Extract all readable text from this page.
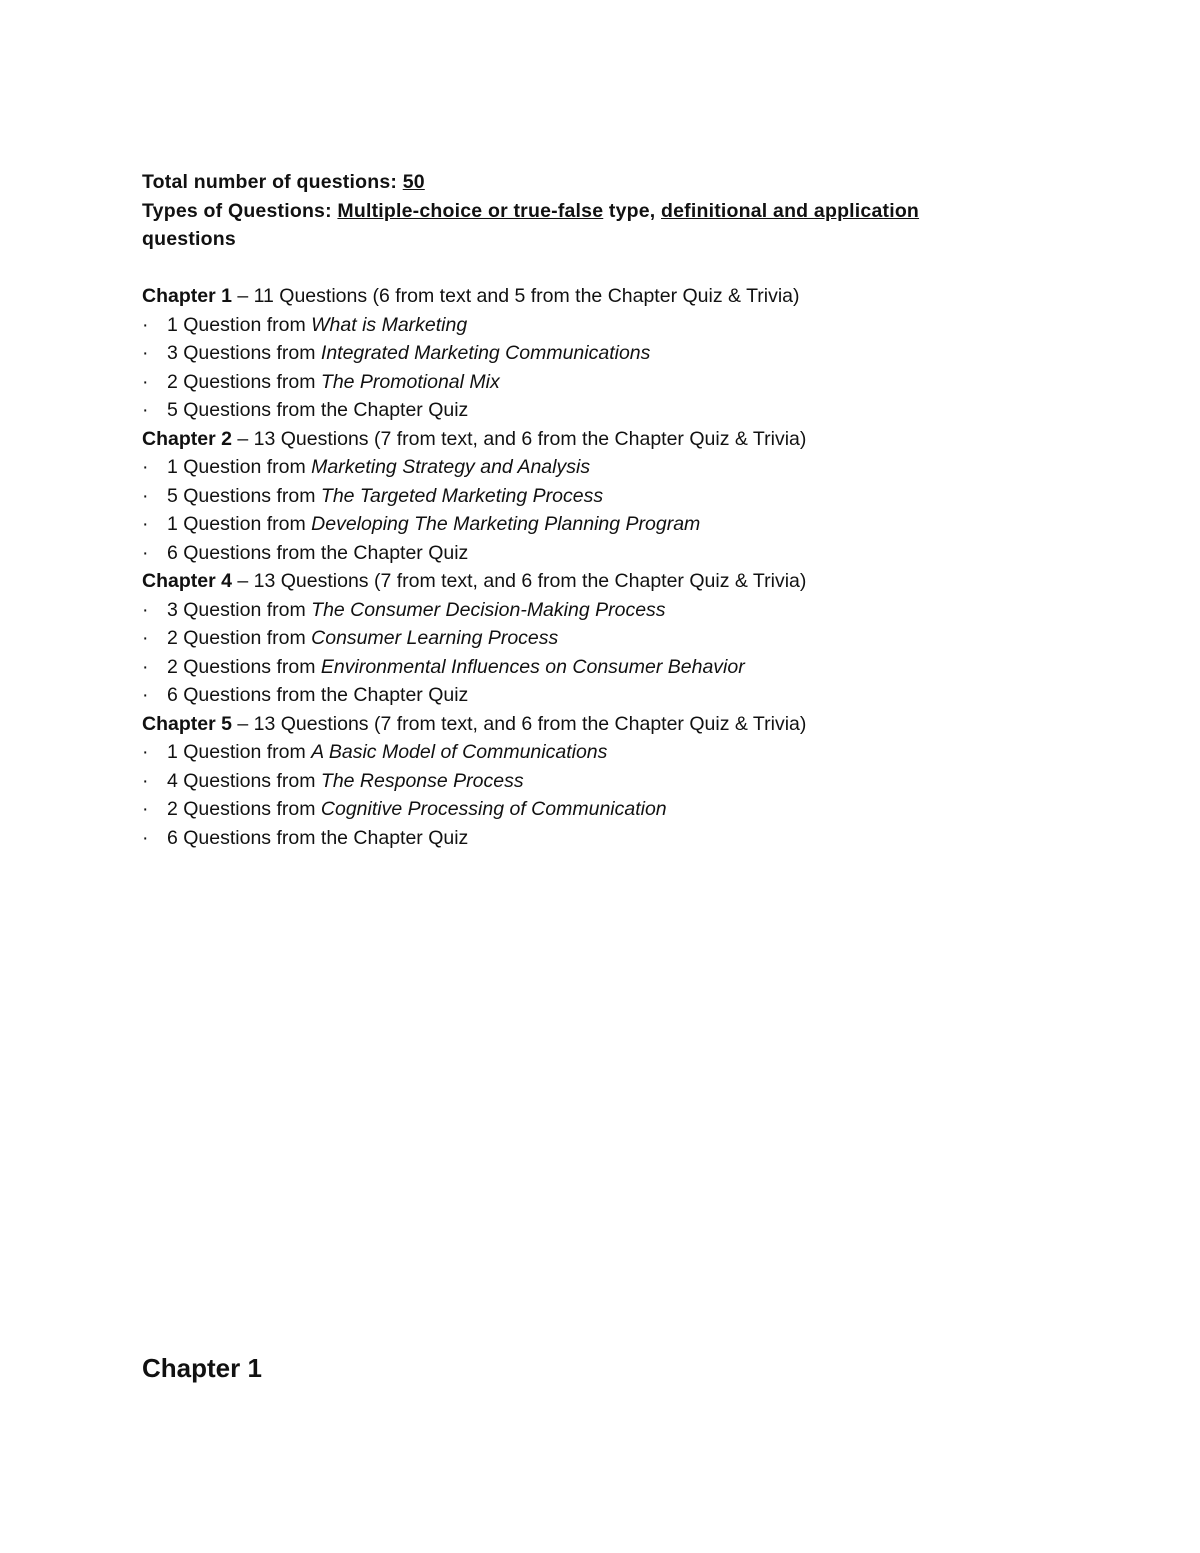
Total number of questions: 50
Types of Questions: Multiple-choice or true-false type, definitional and application
questions
Chapter 1 – 11 Questions (6 from text and 5 from the Chapter Quiz & Trivia)
· 1 Question from What is Marketing
· 3 Questions from Integrated Marketing Communications
· 2 Questions from The Promotional Mix
· 5 Questions from the Chapter Quiz
Chapter 2 – 13 Questions (7 from text, and 6 from the Chapter Quiz & Trivia)
· 1 Question from Marketing Strategy and Analysis
· 5 Questions from The Targeted Marketing Process
· 1 Question from Developing The Marketing Planning Program
· 6 Questions from the Chapter Quiz
Chapter 4 – 13 Questions (7 from text, and 6 from the Chapter Quiz & Trivia)
· 3 Question from The Consumer Decision-Making Process
· 2 Question from Consumer Learning Process
· 2 Questions from Environmental Influences on Consumer Behavior
· 6 Questions from the Chapter Quiz
Chapter 5 – 13 Questions (7 from text, and 6 from the Chapter Quiz & Trivia)
· 1 Question from A Basic Model of Communications
· 4 Questions from The Response Process
· 2 Questions from Cognitive Processing of Communication
· 6 Questions from the Chapter Quiz
Chapter 1
